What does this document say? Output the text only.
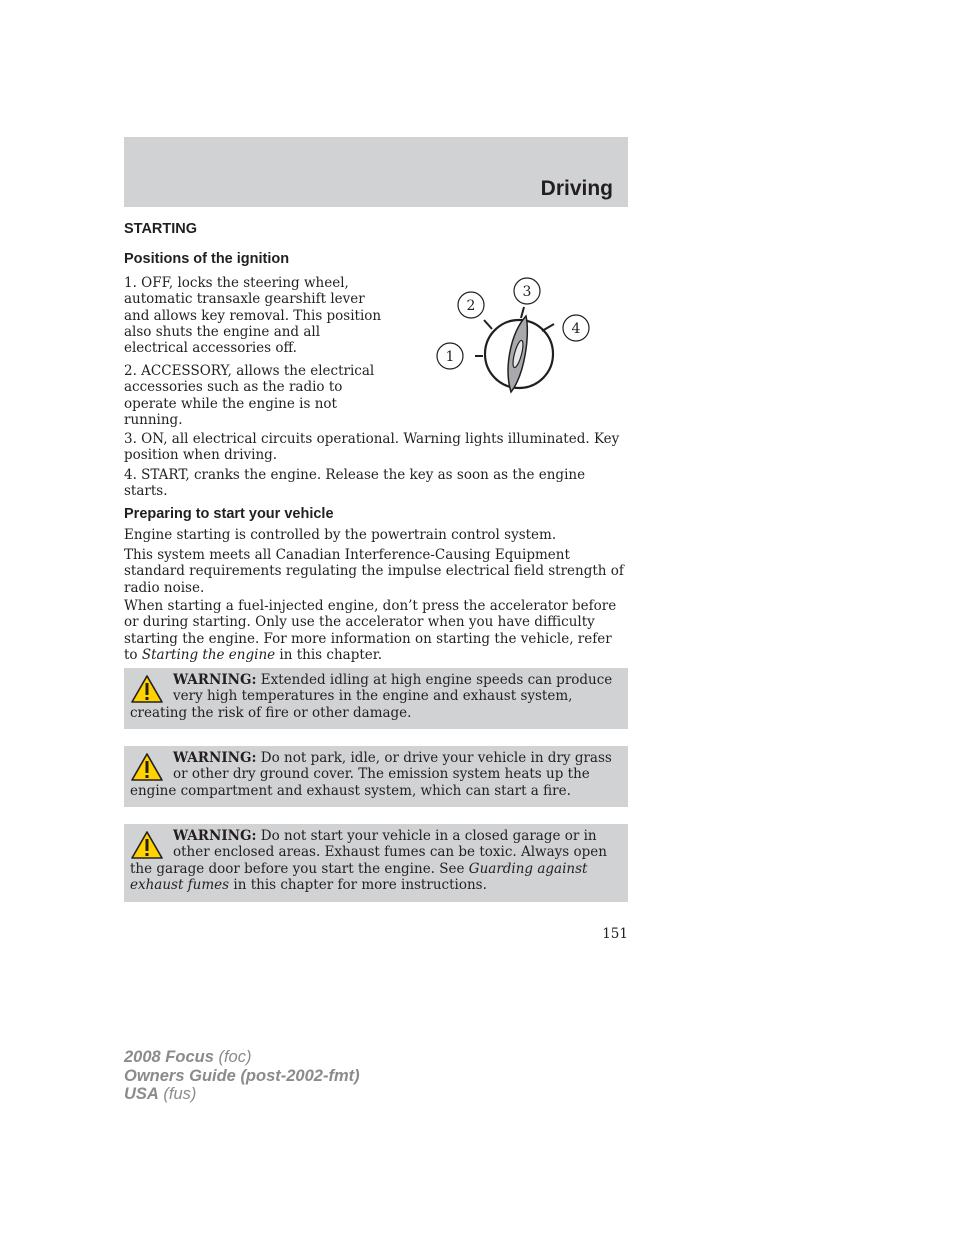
Driving
STARTING
Positions of the ignition

1. OFF, locks the steering wheel, automatic transaxle gearshift lever and allows key removal. This position also shuts the engine and all electrical accessories off.

2. ACCESSORY, allows the electrical accessories such as the radio to operate while the engine is not running.

1
2
3
4

3. ON, all electrical circuits operational. Warning lights illuminated. Key position when driving.

4. START, cranks the engine. Release the key as soon as the engine starts.

Preparing to start your vehicle

Engine starting is controlled by the powertrain control system.

This system meets all Canadian Interference-Causing Equipment standard requirements regulating the impulse electrical field strength of radio noise.

When starting a fuel-injected engine, don’t press the accelerator before or during starting. Only use the accelerator when you have difficulty starting the engine. For more information on starting the vehicle, refer to Starting the engine in this chapter.

WARNING: Extended idling at high engine speeds can produce very high temperatures in the engine and exhaust system, creating the risk of fire or other damage.

WARNING: Do not park, idle, or drive your vehicle in dry grass or other dry ground cover. The emission system heats up the engine compartment and exhaust system, which can start a fire.

WARNING: Do not start your vehicle in a closed garage or in other enclosed areas. Exhaust fumes can be toxic. Always open the garage door before you start the engine. See Guarding against exhaust fumes in this chapter for more instructions.

151
2008 Focus (foc)
Owners Guide (post-2002-fmt)
USA (fus)
